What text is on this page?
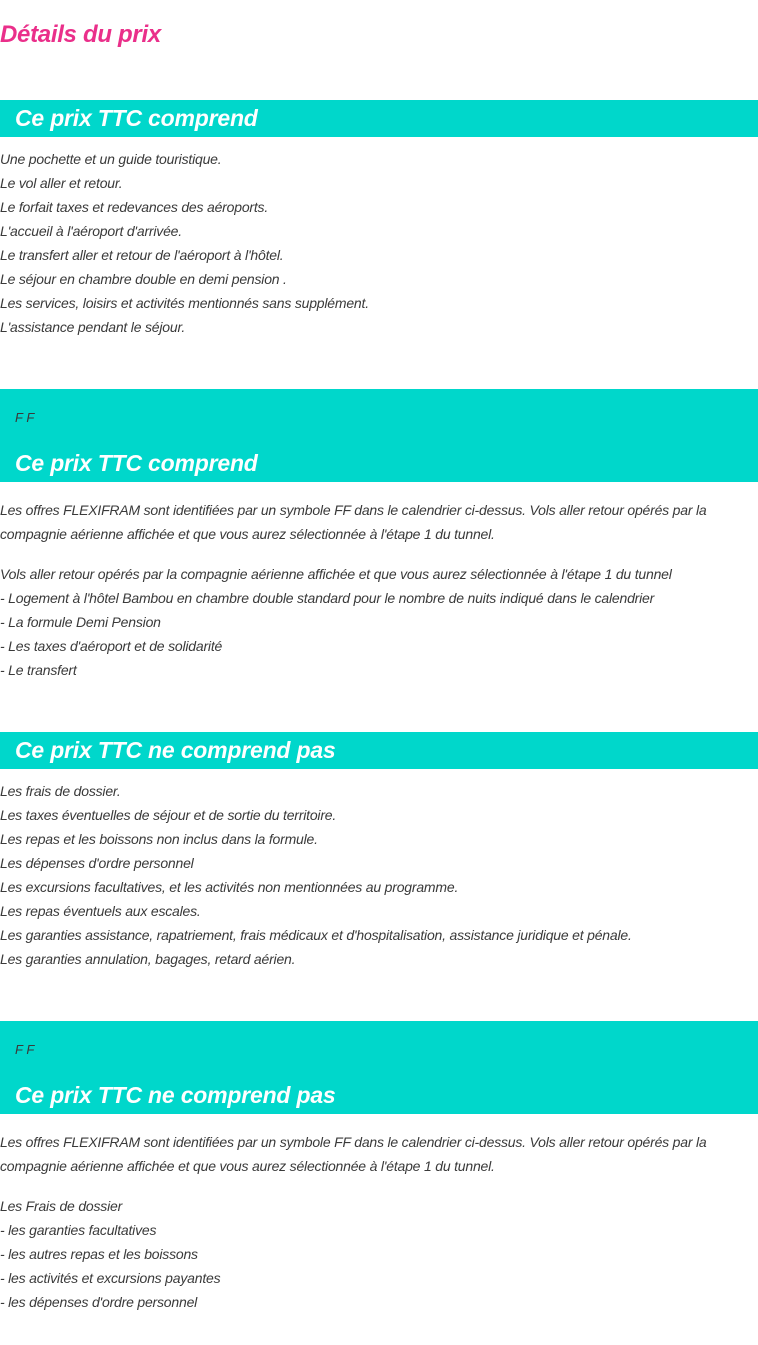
Détails du prix
Ce prix TTC comprend
Une pochette et un guide touristique.
Le vol aller et retour.
Le forfait taxes et redevances des aéroports.
L'accueil à l'aéroport d'arrivée.
Le transfert aller et retour de l'aéroport à l'hôtel.
Le séjour en chambre double en demi pension .
Les services, loisirs et activités mentionnés sans supplément.
L'assistance pendant le séjour.
F F
Ce prix TTC comprend

Les offres FLEXIFRAM sont identifiées par un symbole FF dans le calendrier ci-dessus. Vols aller retour opérés par la compagnie aérienne affichée et que vous aurez sélectionnée à l'étape 1 du tunnel.

Vols aller retour opérés par la compagnie aérienne affichée et que vous aurez sélectionnée à l'étape 1 du tunnel
- Logement à l'hôtel Bambou en chambre double standard pour le nombre de nuits indiqué dans le calendrier
- La formule Demi Pension
- Les taxes d'aéroport et de solidarité
- Le transfert
Ce prix TTC ne comprend pas
Les frais de dossier.
Les taxes éventuelles de séjour et de sortie du territoire.
Les repas et les boissons non inclus dans la formule.
Les dépenses d'ordre personnel
Les excursions facultatives, et les activités non mentionnées au programme.
Les repas éventuels aux escales.
Les garanties assistance, rapatriement, frais médicaux et d'hospitalisation, assistance juridique et pénale.
Les garanties annulation, bagages, retard aérien.
F F
Ce prix TTC ne comprend pas

Les offres FLEXIFRAM sont identifiées par un symbole FF dans le calendrier ci-dessus. Vols aller retour opérés par la compagnie aérienne affichée et que vous aurez sélectionnée à l'étape 1 du tunnel.

Les Frais de dossier
- les garanties facultatives
- les autres repas et les boissons
- les activités et excursions payantes
- les dépenses d'ordre personnel
